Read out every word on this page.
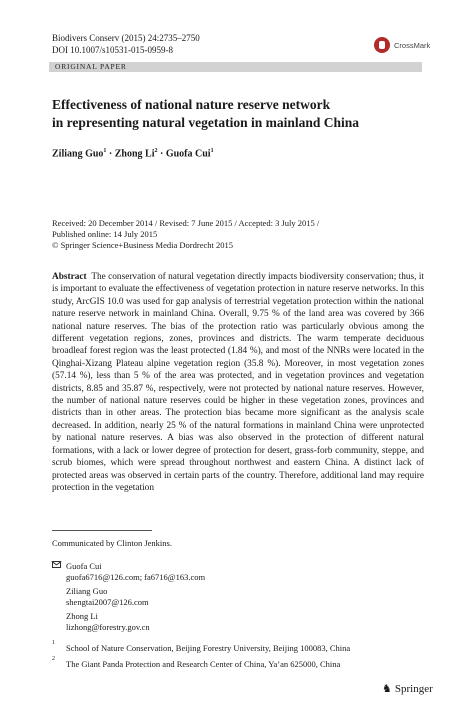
Biodivers Conserv (2015) 24:2735–2750
DOI 10.1007/s10531-015-0959-8	CrossMark
ORIGINAL PAPER
Effectiveness of national nature reserve network
in representing natural vegetation in mainland China
Ziliang Guo$^1$ · Zhong $Li^2$ · Guofa Cui$^1$
Received: 20 December 2014 / Revised: 7 June 2015 / Accepted: 3 July 2015 /
Published online: 14 July 2015
© Springer Science+Business Media Dordrecht 2015
Abstract The conservation of natural vegetation directly impacts biodiversity conservation; thus, it is important to evaluate the effectiveness of vegetation protection in nature reserve networks. In this study, ArcGIS 10.0 was used for gap analysis of terrestrial vegetation protection within the national nature reserve network in mainland China. Overall, 9.75 % of the land area was covered by 366 national nature reserves. The bias of the protection ratio was particularly obvious among the different vegetation regions, zones, provinces and districts. The warm temperate deciduous broadleaf forest region was the least protected (1.84 %), and most of the NNRs were located in the Qinghai-Xizang Plateau alpine vegetation region (35.8 %). Moreover, in most vegetation zones (57.14 %), less than 5 % of the area was protected, and in vegetation provinces and vegetation districts, 8.85 and 35.87 %, respectively, were not protected by national nature reserves. However, the number of national nature reserves could be higher in these vegetation zones, provinces and districts than in other areas. The protection bias became more significant as the analysis scale decreased. In addition, nearly 25 % of the natural formations in mainland China were unprotected by national nature reserves. A bias was also observed in the protection of different natural formations, with a lack or lower degree of protection for desert, grass-forb community, steppe, and scrub biomes, which were spread throughout northwest and eastern China. A distinct lack of protected areas was observed in certain parts of the country. Therefore, additional land may require protection in the vegetation
Communicated by Clinton Jenkins.
Guofa Cui
guofa6716@126.com; fa6716@163.com
Ziliang Guo
shengtai2007@126.com
Zhong Li
lizhong@forestry.gov.cn
1 School of Nature Conservation, Beijing Forestry University, Beijing 100083, China
2 The Giant Panda Protection and Research Center of China, Ya’an 625000, China
♞ Springer
